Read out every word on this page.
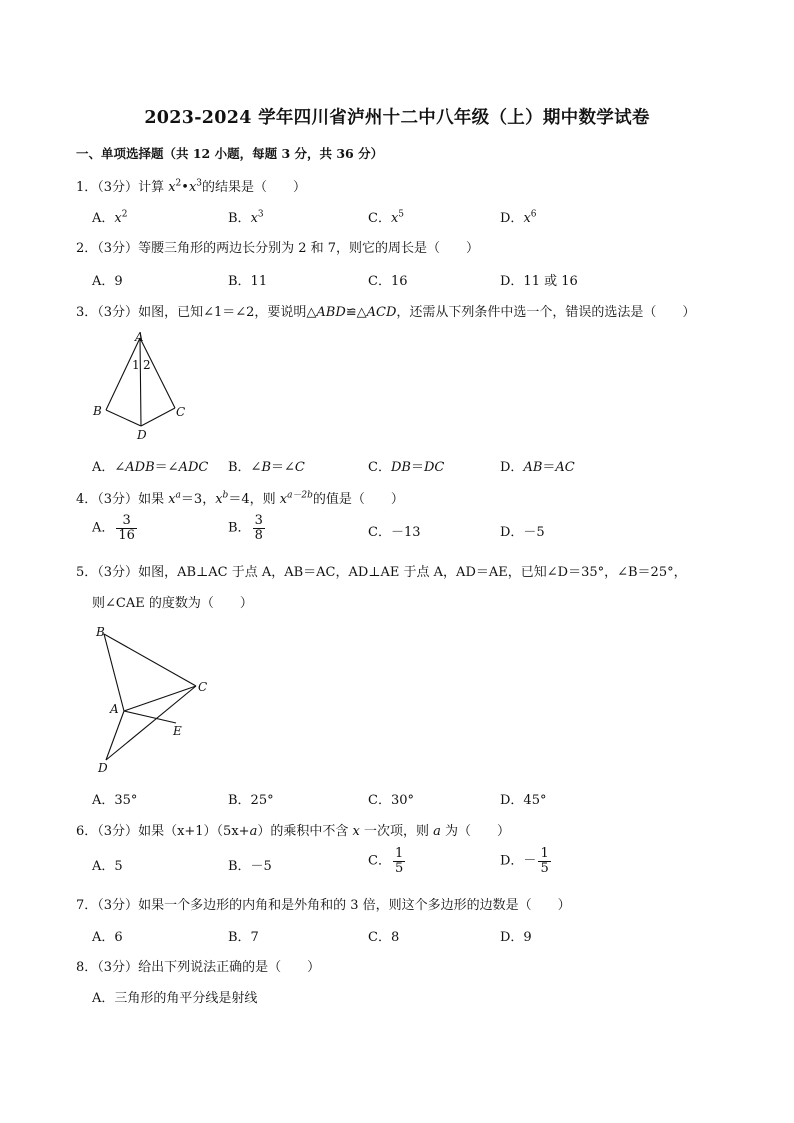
2023-2024 学年四川省泸州十二中八年级（上）期中数学试卷
一、单项选择题（共 12 小题，每题 3 分，共 36 分）
1．（3分）计算 $x^2•x^3$的结果是（　　）
A．$x^2$	B．$x^3$	C．$x^5$	D．$x^6$
2．（3分）等腰三角形的两边长分别为 2 和 7，则它的周长是（　　）
A．9	B．11	C．16	D．11 或 16
3．（3分）如图，已知∠1＝∠2，要说明△ABD≌△ACD，还需从下列条件中选一个，错误的选法是（　　）
A
1 2
B	C
D
A．∠ADB＝∠ADC B．∠B＝∠C	C．DB＝DC	D．AB＝AC
4．（3分）如果 $x^a=3$，$x^b=4$，则 $x^{a-2b}$的值是（　　）
A． $\frac{3}{16}$	B． $\frac{3}{8}$	C．－13	D．－5
5．（3分）如图，AB⊥AC 于点 A，AB＝AC，AD⊥AE 于点 A，AD＝AE，已知∠D＝35°，∠B＝25°，
则∠CAE 的度数为（　　）
B
C
A
E
D
A．35°	B．25°	C．30°	D．45°
6．（3分）如果（x+1）（5x+a）的乘积中不含 x 一次项，则 a 为（　　）
A．5	B．－5	C． $\frac{1}{5}$	D．－ $\frac{1}{5}$
7．（3分）如果一个多边形的内角和是外角和的 3 倍，则这个多边形的边数是（　　）
A．6	B．7	C．8	D．9
8．（3分）给出下列说法正确的是（　　）
A．三角形的角平分线是射线
